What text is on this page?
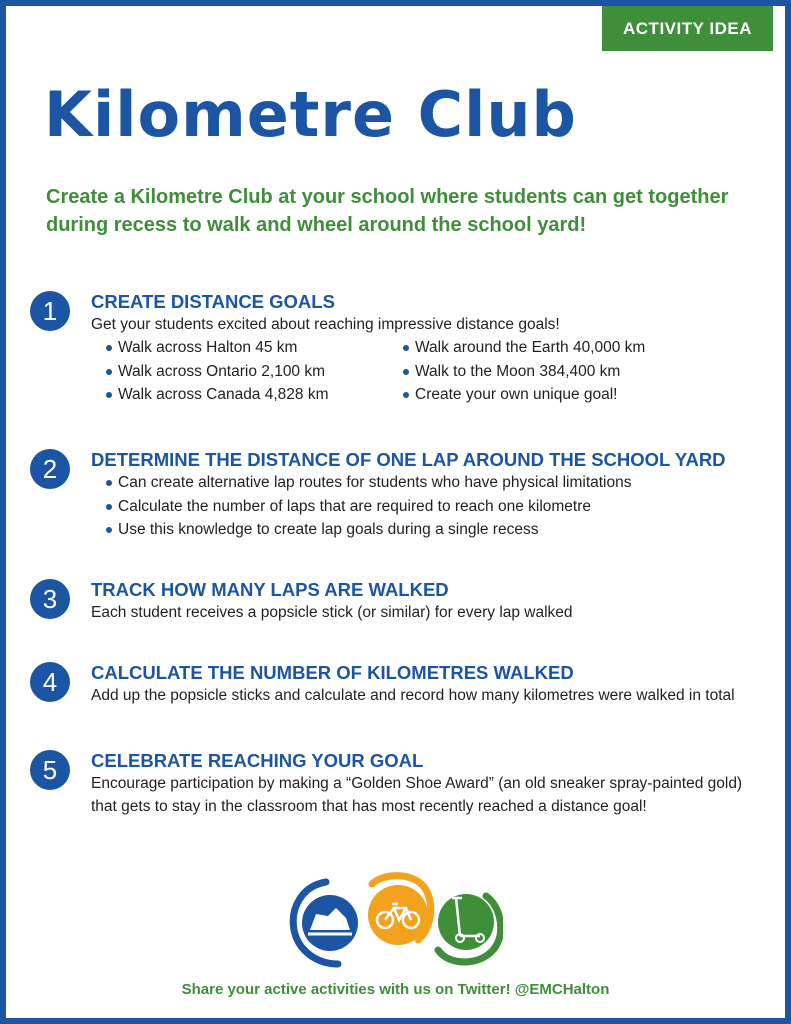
ACTIVITY IDEA
Kilometre Club

Create a Kilometre Club at your school where students can get together during recess to walk and wheel around the school yard!

1	CREATE DISTANCE GOALS
Get your students excited about reaching impressive distance goals!
Walk across Halton 45 km
Walk across Ontario 2,100 km
Walk across Canada 4,828 km
Walk around the Earth 40,000 km
Walk to the Moon 384,400 km
Create your own unique goal!
2	DETERMINE THE DISTANCE OF ONE LAP AROUND THE SCHOOL YARD
Can create alternative lap routes for students who have physical limitations
Calculate the number of laps that are required to reach one kilometre
Use this knowledge to create lap goals during a single recess
3	TRACK HOW MANY LAPS ARE WALKED
Each student receives a popsicle stick (or similar) for every lap walked
4	CALCULATE THE NUMBER OF KILOMETRES WALKED
Add up the popsicle sticks and calculate and record how many kilometres were walked in total
5	CELEBRATE REACHING YOUR GOAL
Encourage participation by making a “Golden Shoe Award” (an old sneaker spray-painted gold) that gets to stay in the classroom that has most recently reached a distance goal!
Share your active activities with us on Twitter! @EMCHalton
